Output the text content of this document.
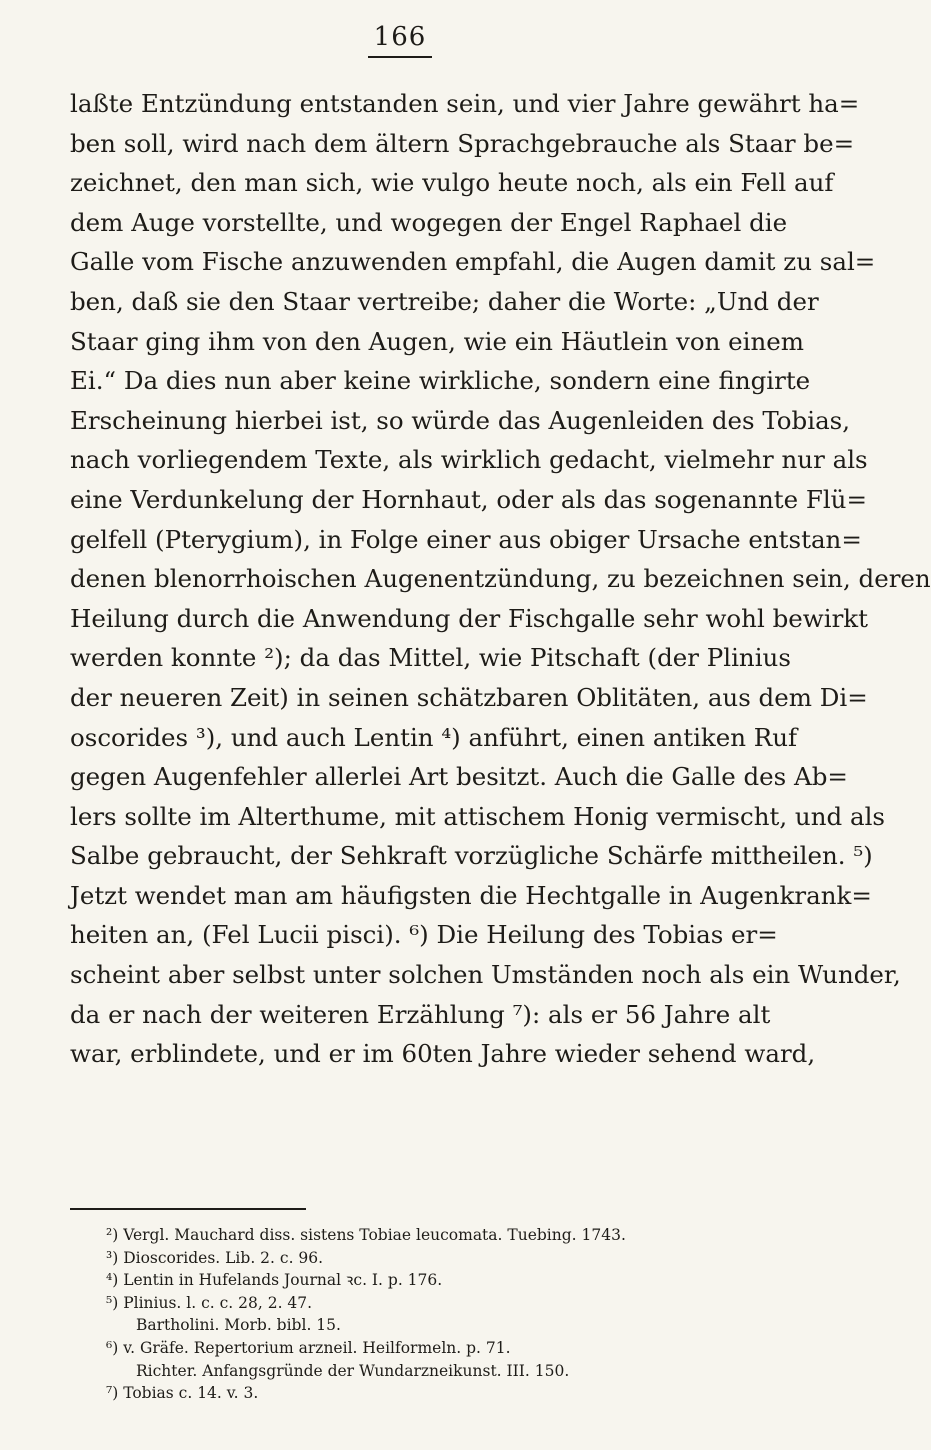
166
laßte Entzündung entstanden sein, und vier Jahre gewährt ha=
ben soll, wird nach dem ältern Sprachgebrauche als Staar be=
zeichnet, den man sich, wie vulgo heute noch, als ein Fell auf
dem Auge vorstellte, und wogegen der Engel Raphael die
Galle vom Fische anzuwenden empfahl, die Augen damit zu sal=
ben, daß sie den Staar vertreibe; daher die Worte: „Und der
Staar ging ihm von den Augen, wie ein Häutlein von einem
Ei.“ Da dies nun aber keine wirkliche, sondern eine fingirte
Erscheinung hierbei ist, so würde das Augenleiden des Tobias,
nach vorliegendem Texte, als wirklich gedacht, vielmehr nur als
eine Verdunkelung der Hornhaut, oder als das sogenannte Flü=
gelfell (Pterygium), in Folge einer aus obiger Ursache entstan=
denen blenorrhoischen Augenentzündung, zu bezeichnen sein, deren
Heilung durch die Anwendung der Fischgalle sehr wohl bewirkt
werden konnte ²); da das Mittel, wie Pitschaft (der Plinius
der neueren Zeit) in seinen schätzbaren Oblitäten, aus dem Di=
oscorides ³), und auch Lentin ⁴) anführt, einen antiken Ruf
gegen Augenfehler allerlei Art besitzt. Auch die Galle des Ab=
lers sollte im Alterthume, mit attischem Honig vermischt, und als
Salbe gebraucht, der Sehkraft vorzügliche Schärfe mittheilen. ⁵)
Jetzt wendet man am häufigsten die Hechtgalle in Augenkrank=
heiten an, (Fel Lucii pisci). ⁶) Die Heilung des Tobias er=
scheint aber selbst unter solchen Umständen noch als ein Wunder,
da er nach der weiteren Erzählung ⁷): als er 56 Jahre alt
war, erblindete, und er im 60ten Jahre wieder sehend ward,
²) Vergl. Mauchard diss. sistens Tobiae leucomata. Tuebing. 1743.
³) Dioscorides. Lib. 2. c. 96.
⁴) Lentin in Hufelands Journal ꝛc. I. p. 176.
⁵) Plinius. l. c. c. 28, 2. 47.
Bartholini. Morb. bibl. 15.
⁶) v. Gräfe. Repertorium arzneil. Heilformeln. p. 71.
Richter. Anfangsgründe der Wundarzneikunst. III. 150.
⁷) Tobias c. 14. v. 3.
